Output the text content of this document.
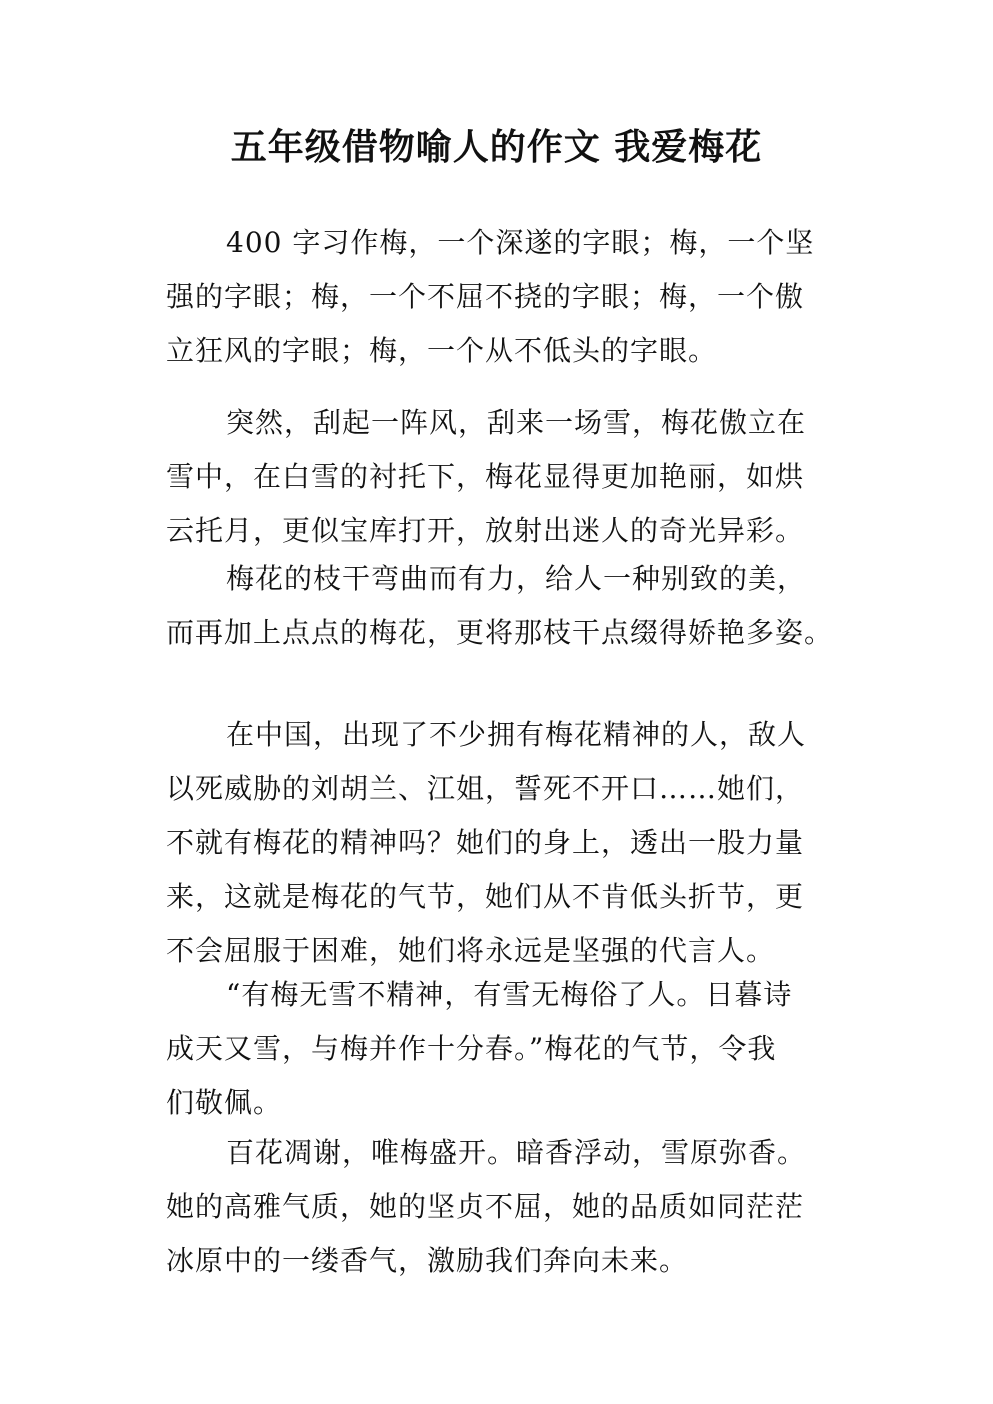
五年级借物喻人的作文 我爱梅花
400 字习作梅，一个深遂的字眼；梅，一个坚
强的字眼；梅，一个不屈不挠的字眼；梅，一个傲
立狂风的字眼；梅，一个从不低头的字眼。
突然，刮起一阵风，刮来一场雪，梅花傲立在
雪中，在白雪的衬托下，梅花显得更加艳丽，如烘
云托月，更似宝库打开，放射出迷人的奇光异彩。
梅花的枝干弯曲而有力，给人一种别致的美，
而再加上点点的梅花，更将那枝干点缀得娇艳多姿。
在中国，出现了不少拥有梅花精神的人，敌人
以死威胁的刘胡兰、江姐，誓死不开口……她们，
不就有梅花的精神吗？她们的身上，透出一股力量
来，这就是梅花的气节，她们从不肯低头折节，更
不会屈服于困难，她们将永远是坚强的代言人。
“有梅无雪不精神，有雪无梅俗了人。日暮诗
成天又雪，与梅并作十分春。”梅花的气节，令我
们敬佩。
百花凋谢，唯梅盛开。暗香浮动，雪原弥香。
她的高雅气质，她的坚贞不屈，她的品质如同茫茫
冰原中的一缕香气，激励我们奔向未来。
